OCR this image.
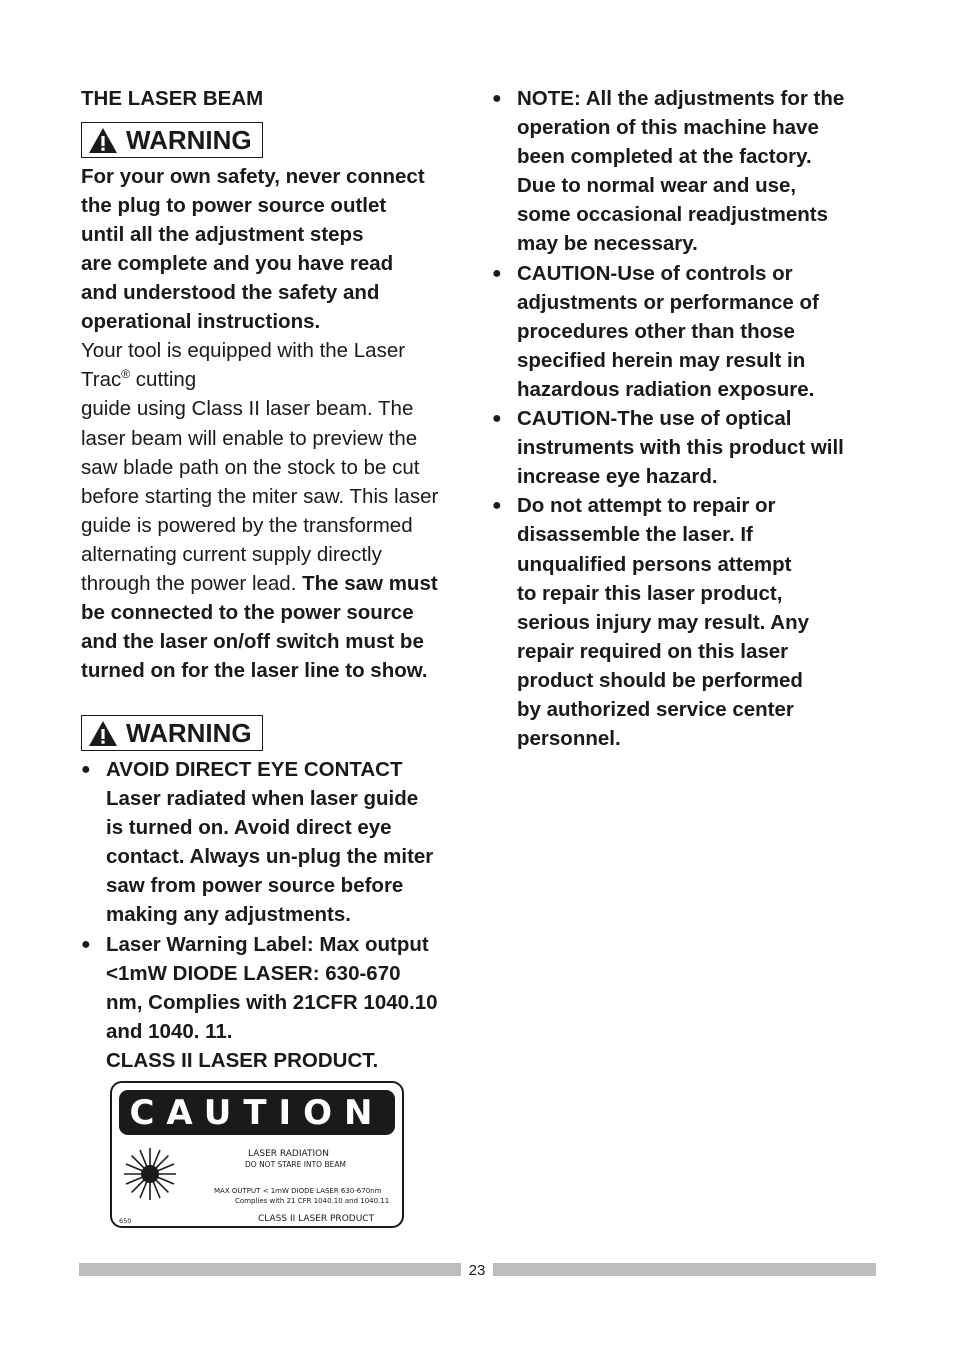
THE LASER BEAM
WARNING
For your own safety, never connect
the plug to power source outlet
until all the adjustment steps
are complete and you have read
and understood the safety and
operational instructions.
Your tool is equipped with the Laser
Trac® cutting
guide using Class II laser beam. The
laser beam will enable to preview the
saw blade path on the stock to be cut
before starting the miter saw. This laser
guide is powered by the transformed
alternating current supply directly
through the power lead. The saw must
be connected to the power source
and the laser on/off switch must be
turned on for the laser line to show.
WARNING
● AVOID DIRECT EYE CONTACT
Laser radiated when laser guide
is turned on. Avoid direct eye
contact. Always un-plug the miter
saw from power source before
making any adjustments.
● Laser Warning Label: Max output
<1mW DIODE LASER: 630-670
nm, Complies with 21CFR 1040.10
and 1040. 11.
CLASS II LASER PRODUCT.
● NOTE: All the adjustments for the
operation of this machine have
been completed at the factory.
Due to normal wear and use,
some occasional readjustments
may be necessary.
● CAUTION-Use of controls or
adjustments or performance of
procedures other than those
specified herein may result in
hazardous radiation exposure.
● CAUTION-The use of optical
instruments with this product will
increase eye hazard.
● Do not attempt to repair or
disassemble the laser. If
unqualified persons attempt
to repair this laser product,
serious injury may result. Any
repair required on this laser
product should be performed
by authorized service center
personnel.
CAUTION
LASER RADIATION
DO NOT STARE INTO BEAM
MAX OUTPUT < 1mW DIODE LASER 630-670nm
Complies with 21 CFR 1040.10 and 1040.11
CLASS II LASER PRODUCT
650
23
